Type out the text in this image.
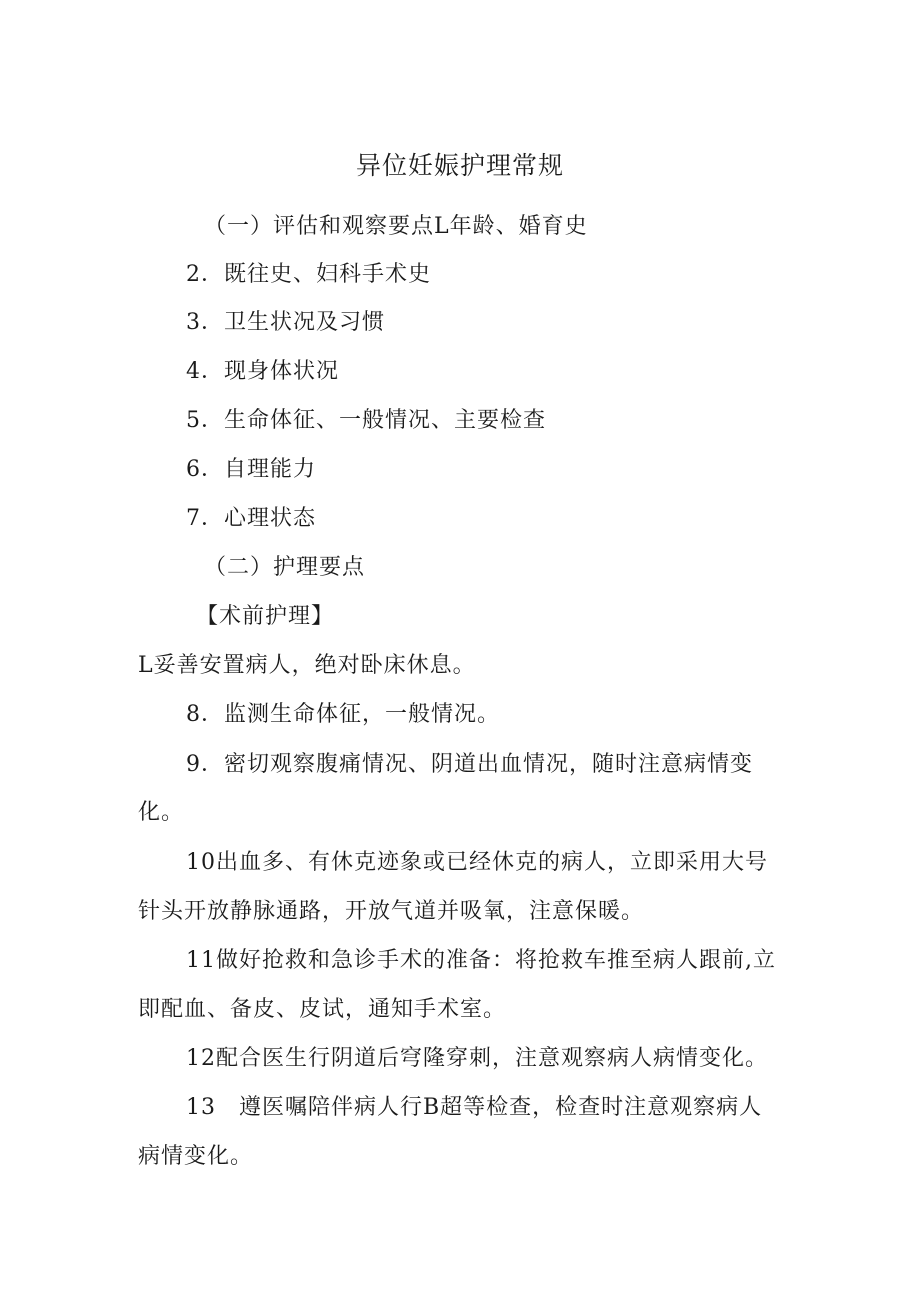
异位妊娠护理常规
（一）评估和观察要点L年龄、婚育史
2．既往史、妇科手术史
3．卫生状况及习惯
4．现身体状况
5．生命体征、一般情况、主要检查
6．自理能力
7．心理状态
（二）护理要点
【术前护理】
L妥善安置病人，绝对卧床休息。
8．监测生命体征，一般情况。
9．密切观察腹痛情况、阴道出血情况，随时注意病情变
化。
10出血多、有休克迹象或已经休克的病人，立即采用大号
针头开放静脉通路，开放气道并吸氧，注意保暖。
11做好抢救和急诊手术的准备：将抢救车推至病人跟前,立
即配血、备皮、皮试，通知手术室。
12配合医生行阴道后穹隆穿刺，注意观察病人病情变化。
13　遵医嘱陪伴病人行B超等检查，检查时注意观察病人
病情变化。
